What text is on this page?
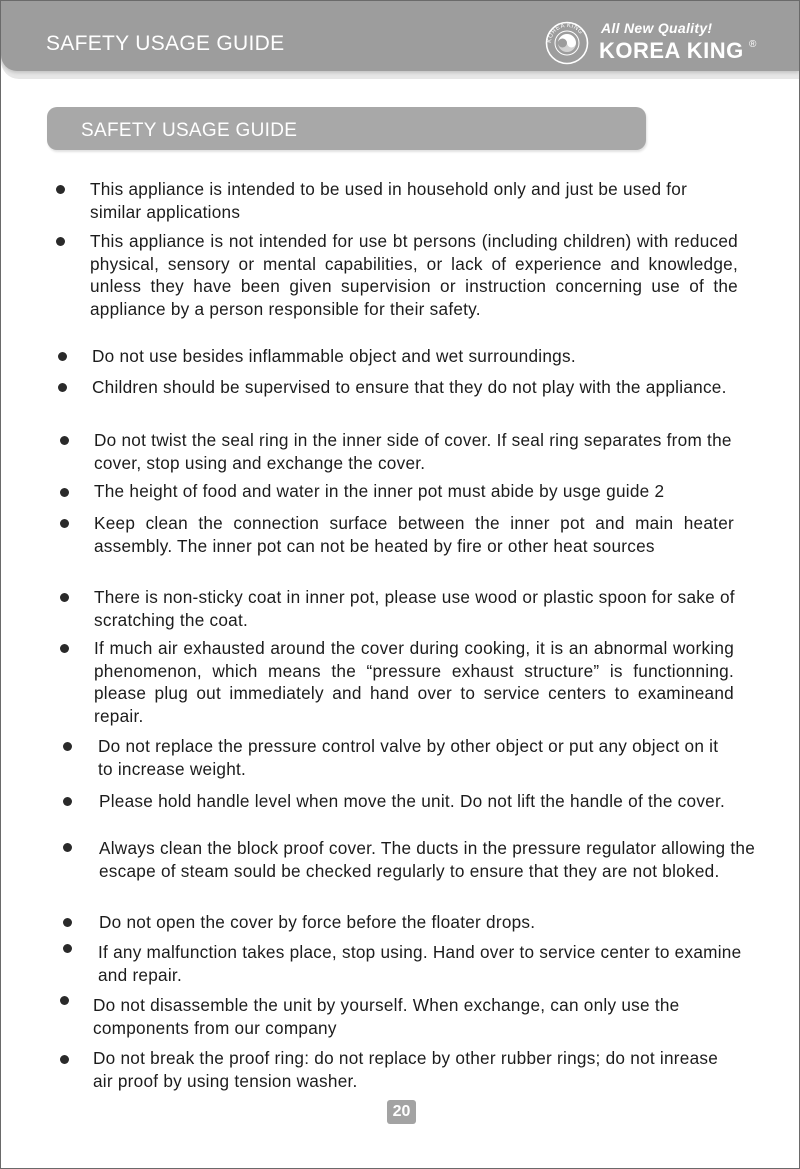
SAFETY USAGE GUIDE	KOREA KING All New Quality!
KOREA KING ®
SAFETY USAGE GUIDE
This appliance is intended to be used in household only and just be used for similar applications
This appliance is not intended for use bt persons (including children) with reduced physical, sensory or mental capabilities, or lack of experience and knowledge, unless they have been given supervision or instruction concerning use of the appliance by a person responsible for their safety.
Do not use besides inflammable object and wet surroundings.
Children should be supervised to ensure that they do not play with the appliance.
Do not twist the seal ring in the inner side of cover. If seal ring separates from the cover, stop using and exchange the cover.
The height of food and water in the inner pot must abide by usge guide 2
Keep clean the connection surface between the inner pot and main heater assembly. The inner pot can not be heated by fire or other heat sources
There is non-sticky coat in inner pot, please use wood or plastic spoon for sake of scratching the coat.
If much air exhausted around the cover during cooking, it is an abnormal working phenomenon, which means the “pressure exhaust structure” is functionning. please plug out immediately and hand over to service centers to examineand repair.
Do not replace the pressure control valve by other object or put any object on it to increase weight.
Please hold handle level when move the unit. Do not lift the handle of the cover.
Always clean the block proof cover. The ducts in the pressure regulator allowing the escape of steam sould be checked regularly to ensure that they are not bloked.
Do not open the cover by force before the floater drops.
If any malfunction takes place, stop using. Hand over to service center to examine and repair.
Do not disassemble the unit by yourself. When exchange, can only use the components from our company
Do not break the proof ring: do not replace by other rubber rings; do not inrease air proof by using tension washer.
20
